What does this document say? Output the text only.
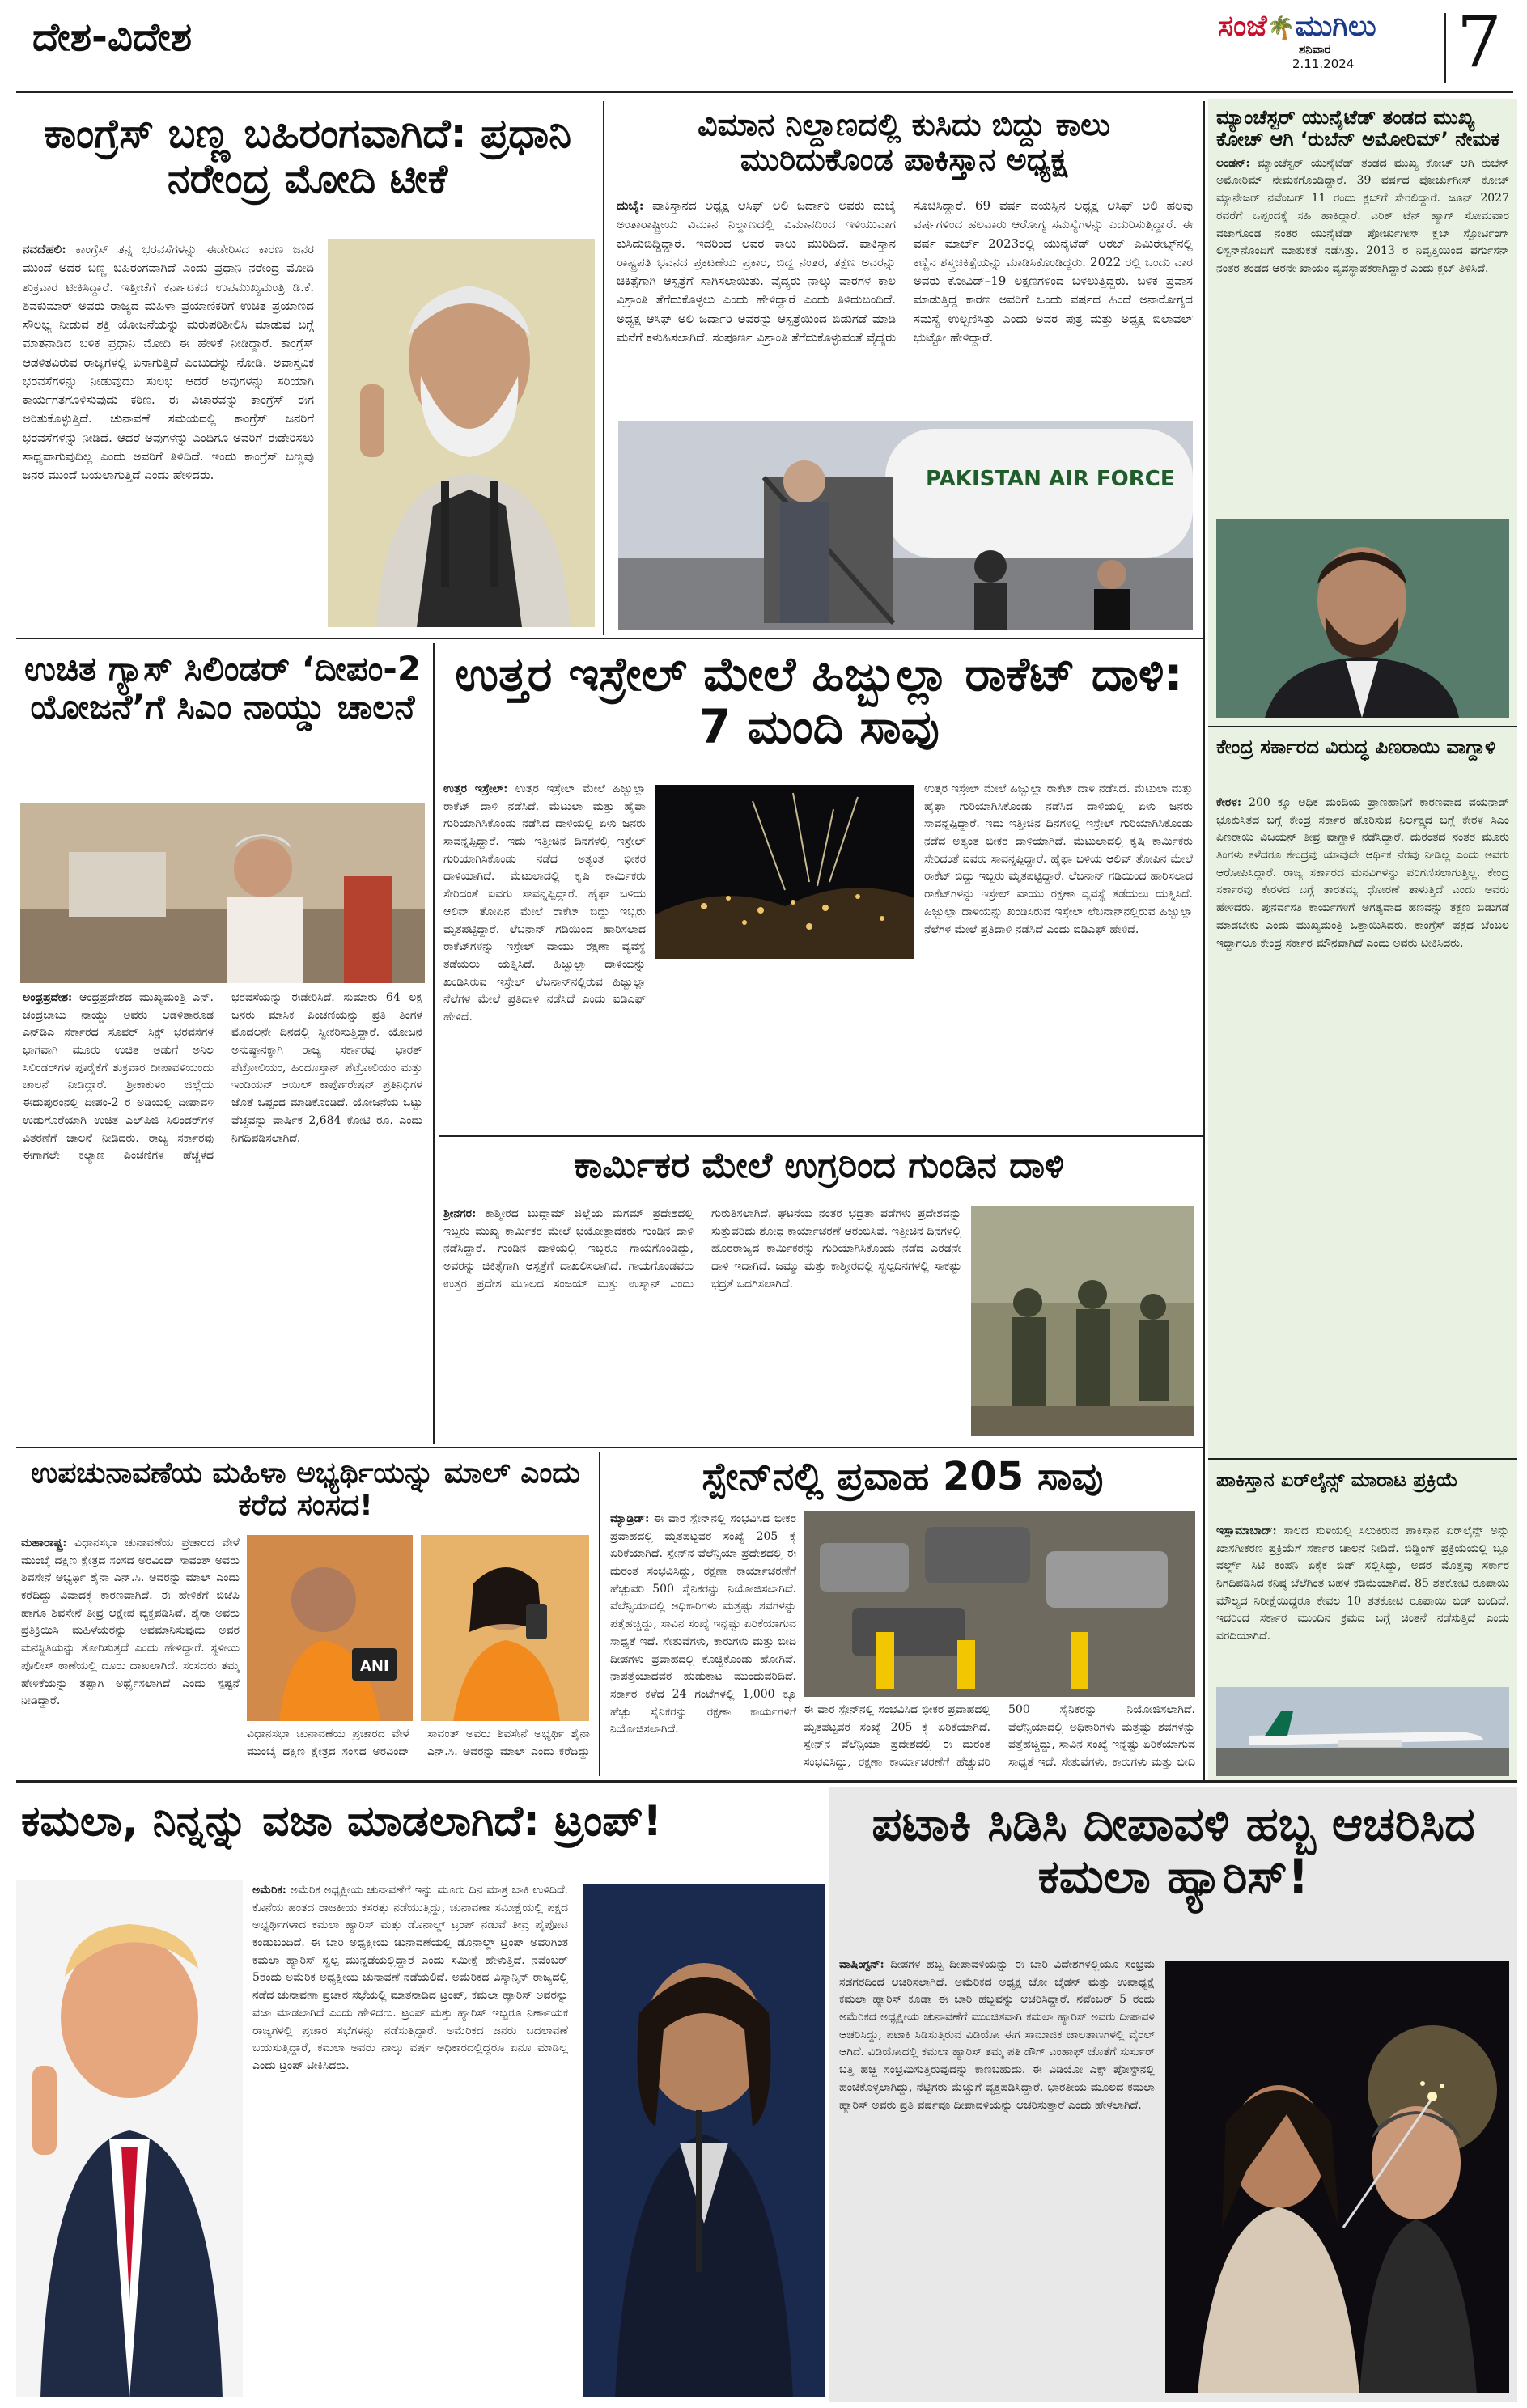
ದೇಶ-ವಿದೇಶ	ಸಂಜೆ🌴ಮುಗಿಲು
ಶನಿವಾರ
2.11.2024	7
ಕಾಂಗ್ರೆಸ್ ಬಣ್ಣ ಬಹಿರಂಗವಾಗಿದೆ: ಪ್ರಧಾನಿ ನರೇಂದ್ರ ಮೋದಿ ಟೀಕೆ
ನವದೆಹಲಿ: ಕಾಂಗ್ರೆಸ್ ತನ್ನ ಭರವಸೆಗಳನ್ನು ಈಡೇರಿಸದ ಕಾರಣ ಜನರ ಮುಂದೆ ಅದರ ಬಣ್ಣ ಬಹಿರಂಗವಾಗಿದೆ ಎಂದು ಪ್ರಧಾನಿ ನರೇಂದ್ರ ಮೋದಿ ಶುಕ್ರವಾರ ಟೀಕಿಸಿದ್ದಾರೆ. ಇತ್ತೀಚೆಗೆ ಕರ್ನಾಟಕದ ಉಪಮುಖ್ಯಮಂತ್ರಿ ಡಿ.ಕೆ. ಶಿವಕುಮಾರ್ ಅವರು ರಾಜ್ಯದ ಮಹಿಳಾ ಪ್ರಯಾಣಿಕರಿಗೆ ಉಚಿತ ಪ್ರಯಾಣದ ಸೌಲಭ್ಯ ನೀಡುವ ಶಕ್ತಿ ಯೋಜನೆಯನ್ನು ಮರುಪರಿಶೀಲಿಸಿ ಮಾಡುವ ಬಗ್ಗೆ ಮಾತನಾಡಿದ ಬಳಿಕ ಪ್ರಧಾನಿ ಮೋದಿ ಈ ಹೇಳಿಕೆ ನೀಡಿದ್ದಾರೆ. ಕಾಂಗ್ರೆಸ್ ಆಡಳಿತವಿರುವ ರಾಜ್ಯಗಳಲ್ಲಿ ಏನಾಗುತ್ತಿದೆ ಎಂಬುದನ್ನು ನೋಡಿ. ಅವಾಸ್ತವಿಕ ಭರವಸೆಗಳನ್ನು ನೀಡುವುದು ಸುಲಭ ಆದರೆ ಅವುಗಳನ್ನು ಸರಿಯಾಗಿ ಕಾರ್ಯಗತಗೊಳಿಸುವುದು ಕಠಿಣ. ಈ ವಿಚಾರವನ್ನು ಕಾಂಗ್ರೆಸ್ ಈಗ ಅರಿತುಕೊಳ್ಳುತ್ತಿದೆ. ಚುನಾವಣೆ ಸಮಯದಲ್ಲಿ ಕಾಂಗ್ರೆಸ್ ಜನರಿಗೆ ಭರವಸೆಗಳನ್ನು ನೀಡಿದೆ. ಆದರೆ ಅವುಗಳನ್ನು ಎಂದಿಗೂ ಅವರಿಗೆ ಈಡೇರಿಸಲು ಸಾಧ್ಯವಾಗುವುದಿಲ್ಲ ಎಂದು ಅವರಿಗೆ ತಿಳಿದಿದೆ. ಇಂದು ಕಾಂಗ್ರೆಸ್ ಬಣ್ಣವು ಜನರ ಮುಂದೆ ಬಯಲಾಗುತ್ತಿದೆ ಎಂದು ಹೇಳಿದರು.
ವಿಮಾನ ನಿಲ್ದಾಣದಲ್ಲಿ ಕುಸಿದು ಬಿದ್ದು ಕಾಲು ಮುರಿದುಕೊಂಡ ಪಾಕಿಸ್ತಾನ ಅಧ್ಯಕ್ಷ
ದುಬೈ: ಪಾಕಿಸ್ತಾನದ ಅಧ್ಯಕ್ಷ ಆಸಿಫ್ ಅಲಿ ಜರ್ದಾರಿ ಅವರು ದುಬೈ ಅಂತಾರಾಷ್ಟ್ರೀಯ ವಿಮಾನ ನಿಲ್ದಾಣದಲ್ಲಿ ವಿಮಾನದಿಂದ ಇಳಿಯುವಾಗ ಕುಸಿದುಬಿದ್ದಿದ್ದಾರೆ. ಇದರಿಂದ ಅವರ ಕಾಲು ಮುರಿದಿದೆ. ಪಾಕಿಸ್ತಾನ ರಾಷ್ಟ್ರಪತಿ ಭವನದ ಪ್ರಕಟಣೆಯ ಪ್ರಕಾರ, ಬಿದ್ದ ನಂತರ, ತಕ್ಷಣ ಅವರನ್ನು ಚಿಕಿತ್ಸೆಗಾಗಿ ಆಸ್ಪತ್ರೆಗೆ ಸಾಗಿಸಲಾಯಿತು. ವೈದ್ಯರು ನಾಲ್ಕು ವಾರಗಳ ಕಾಲ ವಿಶ್ರಾಂತಿ ತೆಗೆದುಕೊಳ್ಳಲು ಎಂದು ಹೇಳಿದ್ದಾರೆ ಎಂದು ತಿಳಿದುಬಂದಿದೆ. ಅಧ್ಯಕ್ಷ ಆಸಿಫ್ ಅಲಿ ಜರ್ದಾರಿ ಅವರನ್ನು ಆಸ್ಪತ್ರೆಯಿಂದ ಬಿಡುಗಡೆ ಮಾಡಿ ಮನೆಗೆ ಕಳುಹಿಸಲಾಗಿದೆ. ಸಂಪೂರ್ಣ ವಿಶ್ರಾಂತಿ ತೆಗೆದುಕೊಳ್ಳುವಂತೆ ವೈದ್ಯರು ಸೂಚಿಸಿದ್ದಾರೆ. 69 ವರ್ಷ ವಯಸ್ಸಿನ ಅಧ್ಯಕ್ಷ ಆಸಿಫ್ ಅಲಿ ಹಲವು ವರ್ಷಗಳಿಂದ ಹಲವಾರು ಆರೋಗ್ಯ ಸಮಸ್ಯೆಗಳನ್ನು ಎದುರಿಸುತ್ತಿದ್ದಾರೆ. ಈ ವರ್ಷ ಮಾರ್ಚ್ 2023ರಲ್ಲಿ ಯುನೈಟೆಡ್ ಅರಬ್ ಎಮಿರೇಟ್ಸ್‌ನಲ್ಲಿ ಕಣ್ಣಿನ ಶಸ್ತ್ರಚಿಕಿತ್ಸೆಯನ್ನು ಮಾಡಿಸಿಕೊಂಡಿದ್ದರು. 2022 ರಲ್ಲಿ ಒಂದು ವಾರ ಅವರು ಕೋವಿಡ್–19 ಲಕ್ಷಣಗಳಿಂದ ಬಳಲುತ್ತಿದ್ದರು. ಬಳಿಕ ಪ್ರವಾಸ ಮಾಡುತ್ತಿದ್ದ ಕಾರಣ ಅವರಿಗೆ ಒಂದು ವರ್ಷದ ಹಿಂದೆ ಅನಾರೋಗ್ಯದ ಸಮಸ್ಯೆ ಉಲ್ಬಣಿಸಿತ್ತು ಎಂದು ಅವರ ಪುತ್ರ ಮತ್ತು ಅಧ್ಯಕ್ಷ ಬಿಲಾವಲ್ ಭುಟ್ಟೋ ಹೇಳಿದ್ದಾರೆ.
PAKISTAN AIR FORCE
ಮ್ಯಾಂಚೆಸ್ಟರ್ ಯುನೈಟೆಡ್ ತಂಡದ ಮುಖ್ಯ ಕೋಚ್ ಆಗಿ ‘ರುಬೆನ್ ಅಮೋರಿಮ್’ ನೇಮಕ
ಲಂಡನ್: ಮ್ಯಾಂಚೆಸ್ಟರ್ ಯುನೈಟೆಡ್ ತಂಡದ ಮುಖ್ಯ ಕೋಚ್ ಆಗಿ ರುಬೆನ್ ಅಮೋರಿಮ್ ನೇಮಕಗೊಂಡಿದ್ದಾರೆ. 39 ವರ್ಷದ ಪೋರ್ಚುಗೀಸ್ ಕೋಚ್ ಮ್ಯಾನೇಜರ್ ನವೆಂಬರ್ 11 ರಂದು ಕ್ಲಬ್‌ಗೆ ಸೇರಲಿದ್ದಾರೆ. ಜೂನ್ 2027 ರವರೆಗೆ ಒಪ್ಪಂದಕ್ಕೆ ಸಹಿ ಹಾಕಿದ್ದಾರೆ. ಎರಿಕ್ ಟೆನ್ ಹ್ಯಾಗ್ ಸೋಮವಾರ ವಜಾಗೊಂಡ ನಂತರ ಯುನೈಟೆಡ್ ಪೋರ್ಚುಗೀಸ್ ಕ್ಲಬ್ ಸ್ಪೋರ್ಟಿಂಗ್ ಲಿಸ್ಬನ್‌ನೊಂದಿಗೆ ಮಾತುಕತೆ ನಡೆಸಿತ್ತು. 2013 ರ ನಿವೃತ್ತಿಯಿಂದ ಫರ್ಗುಸನ್ ನಂತರ ತಂಡದ ಆರನೇ ಖಾಯಂ ವ್ಯವಸ್ಥಾಪಕರಾಗಿದ್ದಾರೆ ಎಂದು ಕ್ಲಬ್ ತಿಳಿಸಿದೆ.
ಕೇಂದ್ರ ಸರ್ಕಾರದ ವಿರುದ್ಧ ಪಿಣರಾಯಿ ವಾಗ್ದಾಳಿ
ಕೇರಳ: 200 ಕ್ಕೂ ಅಧಿಕ ಮಂದಿಯ ಪ್ರಾಣಹಾನಿಗೆ ಕಾರಣವಾದ ವಯನಾಡ್ ಭೂಕುಸಿತದ ಬಗ್ಗೆ ಕೇಂದ್ರ ಸರ್ಕಾರ ಹೊರಿಸುವ ನಿರ್ಲಕ್ಷ್ಯದ ಬಗ್ಗೆ ಕೇರಳ ಸಿಎಂ ಪಿಣರಾಯಿ ವಿಜಯನ್ ತೀವ್ರ ವಾಗ್ದಾಳಿ ನಡೆಸಿದ್ದಾರೆ. ದುರಂತದ ನಂತರ ಮೂರು ತಿಂಗಳು ಕಳೆದರೂ ಕೇಂದ್ರವು ಯಾವುದೇ ಆರ್ಥಿಕ ನೆರವು ನೀಡಿಲ್ಲ ಎಂದು ಅವರು ಆರೋಪಿಸಿದ್ದಾರೆ. ರಾಜ್ಯ ಸರ್ಕಾರದ ಮನವಿಗಳನ್ನು ಪರಿಗಣಿಸಲಾಗುತ್ತಿಲ್ಲ. ಕೇಂದ್ರ ಸರ್ಕಾರವು ಕೇರಳದ ಬಗ್ಗೆ ತಾರತಮ್ಯ ಧೋರಣೆ ತಾಳುತ್ತಿದೆ ಎಂದು ಅವರು ಹೇಳಿದರು. ಪುನರ್ವಸತಿ ಕಾರ್ಯಗಳಿಗೆ ಅಗತ್ಯವಾದ ಹಣವನ್ನು ತಕ್ಷಣ ಬಿಡುಗಡೆ ಮಾಡಬೇಕು ಎಂದು ಮುಖ್ಯಮಂತ್ರಿ ಒತ್ತಾಯಿಸಿದರು. ಕಾಂಗ್ರೆಸ್ ಪಕ್ಷದ ಬೆಂಬಲ ಇದ್ದಾಗಲೂ ಕೇಂದ್ರ ಸರ್ಕಾರ ಮೌನವಾಗಿದೆ ಎಂದು ಅವರು ಟೀಕಿಸಿದರು.
ಪಾಕಿಸ್ತಾನ ಏರ್‌ಲೈನ್ಸ್ ಮಾರಾಟ ಪ್ರಕ್ರಿಯೆ
ಇಸ್ಲಾಮಾಬಾದ್: ಸಾಲದ ಸುಳಿಯಲ್ಲಿ ಸಿಲುಕಿರುವ ಪಾಕಿಸ್ತಾನ ಏರ್‌ಲೈನ್ಸ್ ಅನ್ನು ಖಾಸಗೀಕರಣ ಪ್ರಕ್ರಿಯೆಗೆ ಸರ್ಕಾರ ಚಾಲನೆ ನೀಡಿದೆ. ಬಿಡ್ಡಿಂಗ್ ಪ್ರಕ್ರಿಯೆಯಲ್ಲಿ ಬ್ಲೂ ವರ್ಲ್ಡ್ ಸಿಟಿ ಕಂಪನಿ ಏಕೈಕ ಬಿಡ್ ಸಲ್ಲಿಸಿದ್ದು, ಅದರ ಮೊತ್ತವು ಸರ್ಕಾರ ನಿಗದಿಪಡಿಸಿದ ಕನಿಷ್ಠ ಬೆಲೆಗಿಂತ ಬಹಳ ಕಡಿಮೆಯಾಗಿದೆ. 85 ಶತಕೋಟಿ ರೂಪಾಯಿ ಮೌಲ್ಯದ ನಿರೀಕ್ಷೆಯಿದ್ದರೂ ಕೇವಲ 10 ಶತಕೋಟಿ ರೂಪಾಯಿ ಬಿಡ್ ಬಂದಿದೆ. ಇದರಿಂದ ಸರ್ಕಾರ ಮುಂದಿನ ಕ್ರಮದ ಬಗ್ಗೆ ಚಿಂತನೆ ನಡೆಸುತ್ತಿದೆ ಎಂದು ವರದಿಯಾಗಿದೆ.
ಉಚಿತ ಗ್ಯಾಸ್ ಸಿಲಿಂಡರ್ ‘ದೀಪಂ-2 ಯೋಜನೆ’ಗೆ ಸಿಎಂ ನಾಯ್ಡು ಚಾಲನೆ
ಅಂಧ್ರಪ್ರದೇಶ: ಆಂಧ್ರಪ್ರದೇಶದ ಮುಖ್ಯಮಂತ್ರಿ ಎನ್. ಚಂದ್ರಬಾಬು ನಾಯ್ಡು ಅವರು ಆಡಳಿತಾರೂಢ ಎನ್‌ಡಿಎ ಸರ್ಕಾರದ ಸೂಪರ್ ಸಿಕ್ಸ್ ಭರವಸೆಗಳ ಭಾಗವಾಗಿ ಮೂರು ಉಚಿತ ಅಡುಗೆ ಅನಿಲ ಸಿಲಿಂಡರ್‌ಗಳ ಪೂರೈಕೆಗೆ ಶುಕ್ರವಾರ ದೀಪಾವಳಿಯಂದು ಚಾಲನೆ ನೀಡಿದ್ದಾರೆ. ಶ್ರೀಕಾಕುಳಂ ಜಿಲ್ಲೆಯ ಈದುಪುರಂನಲ್ಲಿ ದೀಪಂ-2 ರ ಅಡಿಯಲ್ಲಿ ದೀಪಾವಳಿ ಉಡುಗೊರೆಯಾಗಿ ಉಚಿತ ಎಲ್‌ಪಿಜಿ ಸಿಲಿಂಡರ್‌ಗಳ ವಿತರಣೆಗೆ ಚಾಲನೆ ನೀಡಿದರು. ರಾಜ್ಯ ಸರ್ಕಾರವು ಈಗಾಗಲೇ ಕಲ್ಯಾಣ ಪಿಂಚಣಿಗಳ ಹೆಚ್ಚಳದ ಭರವಸೆಯನ್ನು ಈಡೇರಿಸಿದೆ. ಸುಮಾರು 64 ಲಕ್ಷ ಜನರು ಮಾಸಿಕ ಪಿಂಚಣಿಯನ್ನು ಪ್ರತಿ ತಿಂಗಳ ಮೊದಲನೇ ದಿನದಲ್ಲಿ ಸ್ವೀಕರಿಸುತ್ತಿದ್ದಾರೆ. ಯೋಜನೆ ಅನುಷ್ಠಾನಕ್ಕಾಗಿ ರಾಜ್ಯ ಸರ್ಕಾರವು ಭಾರತ್ ಪೆಟ್ರೋಲಿಯಂ, ಹಿಂದೂಸ್ತಾನ್ ಪೆಟ್ರೋಲಿಯಂ ಮತ್ತು ಇಂಡಿಯನ್ ಆಯಿಲ್ ಕಾರ್ಪೊರೇಷನ್ ಪ್ರತಿನಿಧಿಗಳ ಜೊತೆ ಒಪ್ಪಂದ ಮಾಡಿಕೊಂಡಿದೆ. ಯೋಜನೆಯ ಒಟ್ಟು ವೆಚ್ಚವನ್ನು ವಾರ್ಷಿಕ 2,684 ಕೋಟಿ ರೂ. ಎಂದು ನಿಗದಿಪಡಿಸಲಾಗಿದೆ.
ಉತ್ತರ ಇಸ್ರೇಲ್ ಮೇಲೆ ಹಿಜ್ಬುಲ್ಲಾ ರಾಕೆಟ್ ದಾಳಿ: 7 ಮಂದಿ ಸಾವು
ಉತ್ತರ ಇಸ್ರೇಲ್: ಉತ್ತರ ಇಸ್ರೇಲ್ ಮೇಲೆ ಹಿಜ್ಬುಲ್ಲಾ ರಾಕೆಟ್ ದಾಳಿ ನಡೆಸಿದೆ. ಮೆಟುಲಾ ಮತ್ತು ಹೈಫಾ ಗುರಿಯಾಗಿಸಿಕೊಂಡು ನಡೆಸಿದ ದಾಳಿಯಲ್ಲಿ ಏಳು ಜನರು ಸಾವನ್ನಪ್ಪಿದ್ದಾರೆ. ಇದು ಇತ್ತೀಚಿನ ದಿನಗಳಲ್ಲಿ ಇಸ್ರೇಲ್ ಗುರಿಯಾಗಿಸಿಕೊಂಡು ನಡೆದ ಅತ್ಯಂತ ಭೀಕರ ದಾಳಿಯಾಗಿದೆ. ಮೆಟುಲಾದಲ್ಲಿ ಕೃಷಿ ಕಾರ್ಮಿಕರು ಸೇರಿದಂತೆ ಐವರು ಸಾವನ್ನಪ್ಪಿದ್ದಾರೆ. ಹೈಫಾ ಬಳಿಯ ಆಲಿವ್ ತೋಪಿನ ಮೇಲೆ ರಾಕೆಟ್ ಬಿದ್ದು ಇಬ್ಬರು ಮೃತಪಟ್ಟಿದ್ದಾರೆ. ಲೆಬನಾನ್ ಗಡಿಯಿಂದ ಹಾರಿಸಲಾದ ರಾಕೆಟ್‌ಗಳನ್ನು ಇಸ್ರೇಲ್ ವಾಯು ರಕ್ಷಣಾ ವ್ಯವಸ್ಥೆ ತಡೆಯಲು ಯತ್ನಿಸಿದೆ. ಹಿಜ್ಬುಲ್ಲಾ ದಾಳಿಯನ್ನು ಖಂಡಿಸಿರುವ ಇಸ್ರೇಲ್ ಲೆಬನಾನ್‌ನಲ್ಲಿರುವ ಹಿಜ್ಬುಲ್ಲಾ ನೆಲೆಗಳ ಮೇಲೆ ಪ್ರತಿದಾಳಿ ನಡೆಸಿದೆ ಎಂದು ಐಡಿಎಫ್ ಹೇಳಿದೆ.
ಉತ್ತರ ಇಸ್ರೇಲ್ ಮೇಲೆ ಹಿಜ್ಬುಲ್ಲಾ ರಾಕೆಟ್ ದಾಳಿ ನಡೆಸಿದೆ. ಮೆಟುಲಾ ಮತ್ತು ಹೈಫಾ ಗುರಿಯಾಗಿಸಿಕೊಂಡು ನಡೆಸಿದ ದಾಳಿಯಲ್ಲಿ ಏಳು ಜನರು ಸಾವನ್ನಪ್ಪಿದ್ದಾರೆ. ಇದು ಇತ್ತೀಚಿನ ದಿನಗಳಲ್ಲಿ ಇಸ್ರೇಲ್ ಗುರಿಯಾಗಿಸಿಕೊಂಡು ನಡೆದ ಅತ್ಯಂತ ಭೀಕರ ದಾಳಿಯಾಗಿದೆ. ಮೆಟುಲಾದಲ್ಲಿ ಕೃಷಿ ಕಾರ್ಮಿಕರು ಸೇರಿದಂತೆ ಐವರು ಸಾವನ್ನಪ್ಪಿದ್ದಾರೆ. ಹೈಫಾ ಬಳಿಯ ಆಲಿವ್ ತೋಪಿನ ಮೇಲೆ ರಾಕೆಟ್ ಬಿದ್ದು ಇಬ್ಬರು ಮೃತಪಟ್ಟಿದ್ದಾರೆ. ಲೆಬನಾನ್ ಗಡಿಯಿಂದ ಹಾರಿಸಲಾದ ರಾಕೆಟ್‌ಗಳನ್ನು ಇಸ್ರೇಲ್ ವಾಯು ರಕ್ಷಣಾ ವ್ಯವಸ್ಥೆ ತಡೆಯಲು ಯತ್ನಿಸಿದೆ. ಹಿಜ್ಬುಲ್ಲಾ ದಾಳಿಯನ್ನು ಖಂಡಿಸಿರುವ ಇಸ್ರೇಲ್ ಲೆಬನಾನ್‌ನಲ್ಲಿರುವ ಹಿಜ್ಬುಲ್ಲಾ ನೆಲೆಗಳ ಮೇಲೆ ಪ್ರತಿದಾಳಿ ನಡೆಸಿದೆ ಎಂದು ಐಡಿಎಫ್ ಹೇಳಿದೆ.
ಕಾರ್ಮಿಕರ ಮೇಲೆ ಉಗ್ರರಿಂದ ಗುಂಡಿನ ದಾಳಿ
ಶ್ರೀನಗರ: ಕಾಶ್ಮೀರದ ಬುದ್ಗಾಮ್ ಜಿಲ್ಲೆಯ ಮಗಮ್ ಪ್ರದೇಶದಲ್ಲಿ ಇಬ್ಬರು ಮುಖ್ಯ ಕಾರ್ಮಿಕರ ಮೇಲೆ ಭಯೋತ್ಪಾದಕರು ಗುಂಡಿನ ದಾಳಿ ನಡೆಸಿದ್ದಾರೆ. ಗುಂಡಿನ ದಾಳಿಯಲ್ಲಿ ಇಬ್ಬರೂ ಗಾಯಗೊಂಡಿದ್ದು, ಅವರನ್ನು ಚಿಕಿತ್ಸೆಗಾಗಿ ಆಸ್ಪತ್ರೆಗೆ ದಾಖಲಿಸಲಾಗಿದೆ. ಗಾಯಗೊಂಡವರು ಉತ್ತರ ಪ್ರದೇಶ ಮೂಲದ ಸಂಜಯ್ ಮತ್ತು ಉಸ್ಮಾನ್ ಎಂದು ಗುರುತಿಸಲಾಗಿದೆ. ಘಟನೆಯ ನಂತರ ಭದ್ರತಾ ಪಡೆಗಳು ಪ್ರದೇಶವನ್ನು ಸುತ್ತುವರಿದು ಶೋಧ ಕಾರ್ಯಾಚರಣೆ ಆರಂಭಿಸಿವೆ. ಇತ್ತೀಚಿನ ದಿನಗಳಲ್ಲಿ ಹೊರರಾಜ್ಯದ ಕಾರ್ಮಿಕರನ್ನು ಗುರಿಯಾಗಿಸಿಕೊಂಡು ನಡೆದ ಎರಡನೇ ದಾಳಿ ಇದಾಗಿದೆ. ಜಮ್ಮು ಮತ್ತು ಕಾಶ್ಮೀರದಲ್ಲಿ ಸ್ವಲ್ಪದಿನಗಳಲ್ಲಿ ಸಾಕಷ್ಟು ಭದ್ರತೆ ಒದಗಿಸಲಾಗಿದೆ.
ಉಪಚುನಾವಣೆಯ ಮಹಿಳಾ ಅಭ್ಯರ್ಥಿಯನ್ನು ಮಾಲ್ ಎಂದು ಕರೆದ ಸಂಸದ!
ಮಹಾರಾಷ್ಟ್ರ: ವಿಧಾನಸಭಾ ಚುನಾವಣೆಯ ಪ್ರಚಾರದ ವೇಳೆ ಮುಂಬೈ ದಕ್ಷಿಣ ಕ್ಷೇತ್ರದ ಸಂಸದ ಅರವಿಂದ್ ಸಾವಂತ್ ಅವರು ಶಿವಸೇನೆ ಅಭ್ಯರ್ಥಿ ಶೈನಾ ಎನ್.ಸಿ. ಅವರನ್ನು ಮಾಲ್ ಎಂದು ಕರೆದಿದ್ದು ವಿವಾದಕ್ಕೆ ಕಾರಣವಾಗಿದೆ. ಈ ಹೇಳಿಕೆಗೆ ಬಿಜೆಪಿ ಹಾಗೂ ಶಿವಸೇನೆ ತೀವ್ರ ಆಕ್ಷೇಪ ವ್ಯಕ್ತಪಡಿಸಿವೆ. ಶೈನಾ ಅವರು ಪ್ರತಿಕ್ರಿಯಿಸಿ ಮಹಿಳೆಯರನ್ನು ಅವಮಾನಿಸುವುದು ಅವರ ಮನಸ್ಥಿತಿಯನ್ನು ತೋರಿಸುತ್ತದೆ ಎಂದು ಹೇಳಿದ್ದಾರೆ. ಸ್ಥಳೀಯ ಪೊಲೀಸ್ ಠಾಣೆಯಲ್ಲಿ ದೂರು ದಾಖಲಾಗಿದೆ. ಸಂಸದರು ತಮ್ಮ ಹೇಳಿಕೆಯನ್ನು ತಪ್ಪಾಗಿ ಅರ್ಥೈಸಲಾಗಿದೆ ಎಂದು ಸ್ಪಷ್ಟನೆ ನೀಡಿದ್ದಾರೆ.
ANI
ವಿಧಾನಸಭಾ ಚುನಾವಣೆಯ ಪ್ರಚಾರದ ವೇಳೆ ಮುಂಬೈ ದಕ್ಷಿಣ ಕ್ಷೇತ್ರದ ಸಂಸದ ಅರವಿಂದ್ ಸಾವಂತ್ ಅವರು ಶಿವಸೇನೆ ಅಭ್ಯರ್ಥಿ ಶೈನಾ ಎನ್.ಸಿ. ಅವರನ್ನು ಮಾಲ್ ಎಂದು ಕರೆದಿದ್ದು
ಸ್ಪೇನ್‌ನಲ್ಲಿ ಪ್ರವಾಹ 205 ಸಾವು
ಮ್ಯಾಡ್ರಿಡ್: ಈ ವಾರ ಸ್ಪೇನ್‌ನಲ್ಲಿ ಸಂಭವಿಸಿದ ಭೀಕರ ಪ್ರವಾಹದಲ್ಲಿ ಮೃತಪಟ್ಟವರ ಸಂಖ್ಯೆ 205 ಕ್ಕೆ ಏರಿಕೆಯಾಗಿದೆ. ಸ್ಪೇನ್‌ನ ವೆಲೆನ್ಸಿಯಾ ಪ್ರದೇಶದಲ್ಲಿ ಈ ದುರಂತ ಸಂಭವಿಸಿದ್ದು, ರಕ್ಷಣಾ ಕಾರ್ಯಾಚರಣೆಗೆ ಹೆಚ್ಚುವರಿ 500 ಸೈನಿಕರನ್ನು ನಿಯೋಜಿಸಲಾಗಿದೆ. ವೆಲೆನ್ಸಿಯಾದಲ್ಲಿ ಅಧಿಕಾರಿಗಳು ಮತ್ತಷ್ಟು ಶವಗಳನ್ನು ಪತ್ತೆಹಚ್ಚಿದ್ದು, ಸಾವಿನ ಸಂಖ್ಯೆ ಇನ್ನಷ್ಟು ಏರಿಕೆಯಾಗುವ ಸಾಧ್ಯತೆ ಇದೆ. ಸೇತುವೆಗಳು, ಕಾರುಗಳು ಮತ್ತು ಬೀದಿ ದೀಪಗಳು ಪ್ರವಾಹದಲ್ಲಿ ಕೊಚ್ಚಿಕೊಂಡು ಹೋಗಿವೆ. ನಾಪತ್ತೆಯಾದವರ ಹುಡುಕಾಟ ಮುಂದುವರಿದಿದೆ. ಸರ್ಕಾರ ಕಳೆದ 24 ಗಂಟೆಗಳಲ್ಲಿ 1,000 ಕ್ಕೂ ಹೆಚ್ಚು ಸೈನಿಕರನ್ನು ರಕ್ಷಣಾ ಕಾರ್ಯಗಳಿಗೆ ನಿಯೋಜಿಸಲಾಗಿದೆ.
ಈ ವಾರ ಸ್ಪೇನ್‌ನಲ್ಲಿ ಸಂಭವಿಸಿದ ಭೀಕರ ಪ್ರವಾಹದಲ್ಲಿ ಮೃತಪಟ್ಟವರ ಸಂಖ್ಯೆ 205 ಕ್ಕೆ ಏರಿಕೆಯಾಗಿದೆ. ಸ್ಪೇನ್‌ನ ವೆಲೆನ್ಸಿಯಾ ಪ್ರದೇಶದಲ್ಲಿ ಈ ದುರಂತ ಸಂಭವಿಸಿದ್ದು, ರಕ್ಷಣಾ ಕಾರ್ಯಾಚರಣೆಗೆ ಹೆಚ್ಚುವರಿ 500 ಸೈನಿಕರನ್ನು ನಿಯೋಜಿಸಲಾಗಿದೆ. ವೆಲೆನ್ಸಿಯಾದಲ್ಲಿ ಅಧಿಕಾರಿಗಳು ಮತ್ತಷ್ಟು ಶವಗಳನ್ನು ಪತ್ತೆಹಚ್ಚಿದ್ದು, ಸಾವಿನ ಸಂಖ್ಯೆ ಇನ್ನಷ್ಟು ಏರಿಕೆಯಾಗುವ ಸಾಧ್ಯತೆ ಇದೆ. ಸೇತುವೆಗಳು, ಕಾರುಗಳು ಮತ್ತು ಬೀದಿ
ಕಮಲಾ, ನಿನ್ನನ್ನು ವಜಾ ಮಾಡಲಾಗಿದೆ: ಟ್ರಂಪ್!
ಅಮೆರಿಕ: ಅಮೆರಿಕ ಅಧ್ಯಕ್ಷೀಯ ಚುನಾವಣೆಗೆ ಇನ್ನು ಮೂರು ದಿನ ಮಾತ್ರ ಬಾಕಿ ಉಳಿದಿದೆ. ಕೊನೆಯ ಹಂತದ ರಾಜಕೀಯ ಕಸರತ್ತು ನಡೆಯುತ್ತಿದ್ದು, ಚುನಾವಣಾ ಸಮೀಕ್ಷೆಯಲ್ಲಿ ಪಕ್ಷದ ಅಭ್ಯರ್ಥಿಗಳಾದ ಕಮಲಾ ಹ್ಯಾರಿಸ್ ಮತ್ತು ಡೊನಾಲ್ಡ್ ಟ್ರಂಪ್ ನಡುವೆ ತೀವ್ರ ಪೈಪೋಟಿ ಕಂಡುಬಂದಿದೆ. ಈ ಬಾರಿ ಅಧ್ಯಕ್ಷೀಯ ಚುನಾವಣೆಯಲ್ಲಿ ಡೊನಾಲ್ಡ್ ಟ್ರಂಪ್ ಅವರಿಗಿಂತ ಕಮಲಾ ಹ್ಯಾರಿಸ್ ಸ್ವಲ್ಪ ಮುನ್ನಡೆಯಲ್ಲಿದ್ದಾರೆ ಎಂದು ಸಮೀಕ್ಷೆ ಹೇಳುತ್ತಿದೆ. ನವೆಂಬರ್ 5ರಂದು ಅಮೆರಿಕ ಅಧ್ಯಕ್ಷೀಯ ಚುನಾವಣೆ ನಡೆಯಲಿದೆ. ಅಮೆರಿಕದ ವಿಸ್ಕಾನ್ಸಿನ್ ರಾಜ್ಯದಲ್ಲಿ ನಡೆದ ಚುನಾವಣಾ ಪ್ರಚಾರ ಸಭೆಯಲ್ಲಿ ಮಾತನಾಡಿದ ಟ್ರಂಪ್, ಕಮಲಾ ಹ್ಯಾರಿಸ್ ಅವರನ್ನು ವಜಾ ಮಾಡಲಾಗಿದೆ ಎಂದು ಹೇಳಿದರು. ಟ್ರಂಪ್ ಮತ್ತು ಹ್ಯಾರಿಸ್ ಇಬ್ಬರೂ ನಿರ್ಣಾಯಕ ರಾಜ್ಯಗಳಲ್ಲಿ ಪ್ರಚಾರ ಸಭೆಗಳನ್ನು ನಡೆಸುತ್ತಿದ್ದಾರೆ. ಅಮೆರಿಕದ ಜನರು ಬದಲಾವಣೆ ಬಯಸುತ್ತಿದ್ದಾರೆ, ಕಮಲಾ ಅವರು ನಾಲ್ಕು ವರ್ಷ ಅಧಿಕಾರದಲ್ಲಿದ್ದರೂ ಏನೂ ಮಾಡಿಲ್ಲ ಎಂದು ಟ್ರಂಪ್ ಟೀಕಿಸಿದರು.
ಪಟಾಕಿ ಸಿಡಿಸಿ ದೀಪಾವಳಿ ಹಬ್ಬ ಆಚರಿಸಿದ ಕಮಲಾ ಹ್ಯಾರಿಸ್!
ವಾಷಿಂಗ್ಟನ್: ದೀಪಗಳ ಹಬ್ಬ ದೀಪಾವಳಿಯನ್ನು ಈ ಬಾರಿ ವಿದೇಶಗಳಲ್ಲಿಯೂ ಸಂಭ್ರಮ ಸಡಗರದಿಂದ ಆಚರಿಸಲಾಗಿದೆ. ಅಮೆರಿಕದ ಅಧ್ಯಕ್ಷ ಜೋ ಬೈಡನ್ ಮತ್ತು ಉಪಾಧ್ಯಕ್ಷೆ ಕಮಲಾ ಹ್ಯಾರಿಸ್ ಕೂಡಾ ಈ ಬಾರಿ ಹಬ್ಬವನ್ನು ಆಚರಿಸಿದ್ದಾರೆ. ನವೆಂಬರ್ 5 ರಂದು ಅಮೆರಿಕದ ಅಧ್ಯಕ್ಷೀಯ ಚುನಾವಣೆಗೆ ಮುಂಚಿತವಾಗಿ ಕಮಲಾ ಹ್ಯಾರಿಸ್ ಅವರು ದೀಪಾವಳಿ ಆಚರಿಸಿದ್ದು, ಪಟಾಕಿ ಸಿಡಿಸುತ್ತಿರುವ ವಿಡಿಯೋ ಈಗ ಸಾಮಾಜಿಕ ಜಾಲತಾಣಗಳಲ್ಲಿ ವೈರಲ್ ಆಗಿದೆ. ವಿಡಿಯೋದಲ್ಲಿ ಕಮಲಾ ಹ್ಯಾರಿಸ್ ತಮ್ಮ ಪತಿ ಡೌಗ್ ಎಂಹಾಫ್ ಜೊತೆಗೆ ಸುರ್ಸುರ್ ಬತ್ತಿ ಹಚ್ಚಿ ಸಂಭ್ರಮಿಸುತ್ತಿರುವುದನ್ನು ಕಾಣಬಹುದು. ಈ ವಿಡಿಯೋ ಎಕ್ಸ್ ಪೋಸ್ಟ್‌ನಲ್ಲಿ ಹಂಚಿಕೊಳ್ಳಲಾಗಿದ್ದು, ನೆಟ್ಟಿಗರು ಮೆಚ್ಚುಗೆ ವ್ಯಕ್ತಪಡಿಸಿದ್ದಾರೆ. ಭಾರತೀಯ ಮೂಲದ ಕಮಲಾ ಹ್ಯಾರಿಸ್ ಅವರು ಪ್ರತಿ ವರ್ಷವೂ ದೀಪಾವಳಿಯನ್ನು ಆಚರಿಸುತ್ತಾರೆ ಎಂದು ಹೇಳಲಾಗಿದೆ.
